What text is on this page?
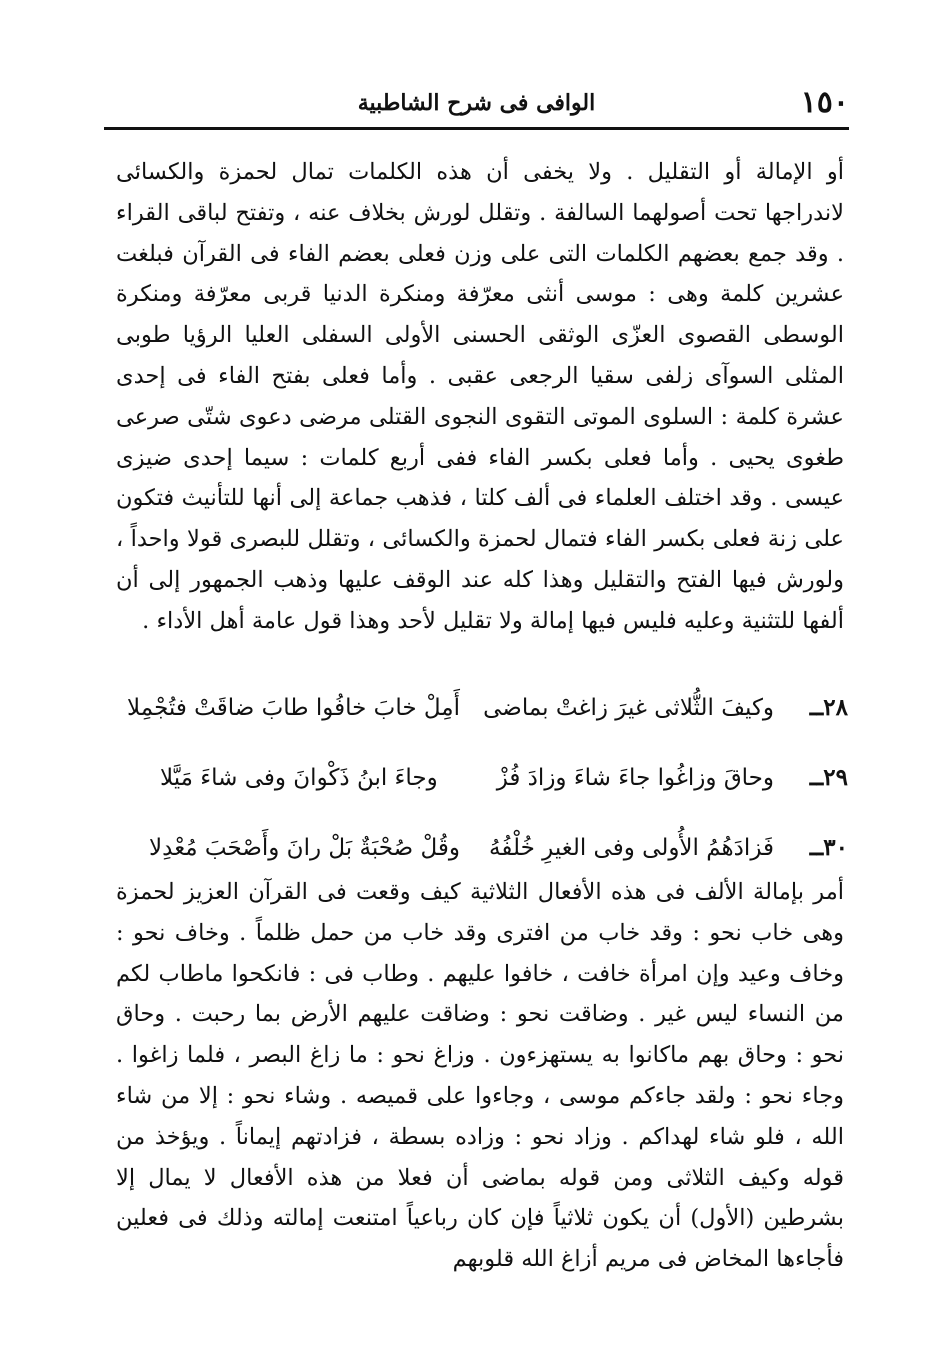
١٥٠
الوافى فى شرح الشاطبية

أو الإمالة أو التقليل . ولا يخفى أن هذه الكلمات تمال لحمزة والكسائى لاندراجها تحت أصولهما السالفة . وتقلل لورش بخلاف عنه ، وتفتح لباقى القراء . وقد جمع بعضهم الكلمات التى على وزن فعلى بعضم الفاء فى القرآن فبلغت عشرين كلمة وهى : موسى أنثى معرّفة ومنكرة الدنيا قربى معرّفة ومنكرة الوسطى القصوى العزّى الوثقى الحسنى الأولى السفلى العليا الرؤيا طوبى المثلى السوآى زلفى سقيا الرجعى عقبى . وأما فعلى بفتح الفاء فى إحدى عشرة كلمة : السلوى الموتى التقوى النجوى القتلى مرضى دعوى شتّى صرعى طغوى يحيى . وأما فعلى بكسر الفاء ففى أربع كلمات : سيما إحدى ضيزى عيسى . وقد اختلف العلماء فى ألف كلتا ، فذهب جماعة إلى أنها للتأنيث فتكون على زنة فعلى بكسر الفاء فتمال لحمزة والكسائى ، وتقلل للبصرى قولا واحداً ، ولورش فيها الفتح والتقليل وهذا كله عند الوقف عليها وذهب الجمهور إلى أن ألفها للتثنية وعليه فليس فيها إمالة ولا تقليل لأحد وهذا قول عامة أهل الأداء .

٢٨ــ
وكيفَ الثُّلاثى غيرَ زاغتْ بماضى
أَمِلْ خابَ خافُوا طابَ ضاقَتْ فتُجْمِلا
٢٩ــ
وحاقَ وزاغُوا جاءَ شاءَ وزادَ فُزْ
وجاءَ ابنُ ذَكْوانَ وفى شاءَ مَيَّلا
٣٠ــ
فَزادَهُمُ الأُولى وفى الغيرِ خُلْفُهُ
وقُلْ صُحْبَةٌ بَلْ رانَ وأَصْحَبَ مُعْدِلا

أمر بإمالة الألف فى هذه الأفعال الثلاثية كيف وقعت فى القرآن العزيز لحمزة وهى خاب نحو : وقد خاب من افترى وقد خاب من حمل ظلماً . وخاف نحو : وخاف وعيد وإن امرأة خافت ، خافوا عليهم . وطاب فى : فانكحوا ماطاب لكم من النساء ليس غير . وضاقت نحو : وضاقت عليهم الأرض بما رحبت . وحاق نحو : وحاق بهم ماكانوا به يستهزءون . وزاغ نحو : ما زاغ البصر ، فلما زاغوا . وجاء نحو : ولقد جاءكم موسى ، وجاءوا على قميصه . وشاء نحو : إلا من شاء الله ، فلو شاء لهداكم . وزاد نحو : وزاده بسطة ، فزادتهم إيماناً . ويؤخذ من قوله وكيف الثلاثى ومن قوله بماضى أن فعلا من هذه الأفعال لا يمال إلا بشرطين (الأول) أن يكون ثلاثياً فإن كان رباعياً امتنعت إمالته وذلك فى فعلين فأجاءها المخاض فى مريم أزاغ الله قلوبهم
